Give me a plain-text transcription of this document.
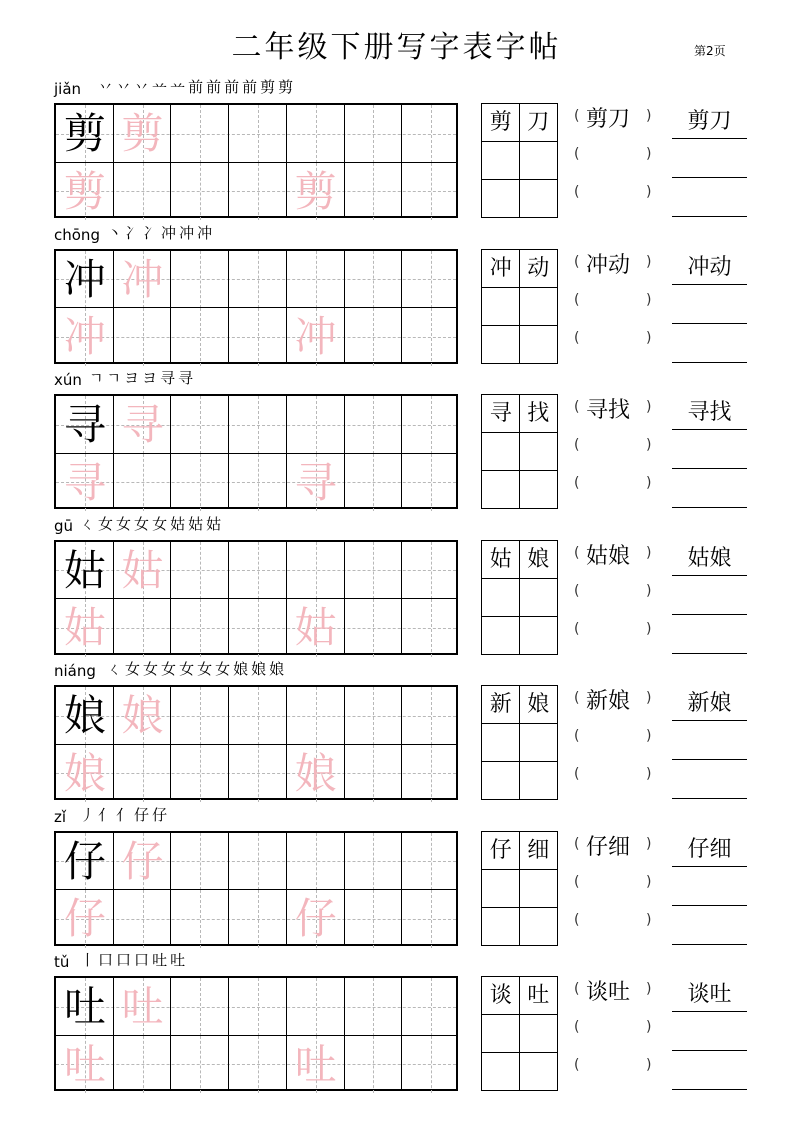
二年级下册写字表字帖	第2页
jiǎn 丷丷丷䒑䒑前前前前剪剪
剪 剪
剪	剪
剪 刀	(	)
(	)
(	)
剪刀	剪刀
chōng 丶冫冫冲冲冲
冲 冲
冲	冲
冲 动	(	)
(	)
(	)
冲动	冲动
xún ㄱㄱヨヨ寻寻
寻 寻
寻	寻
寻 找	(	)
(	)
(	)
寻找	寻找
gū ㄑ女女女女姑姑姑
姑 姑
姑	姑
姑 娘	(	)
(	)
(	)
姑娘	姑娘
niáng ㄑ女女女女女女娘娘娘
娘 娘
娘	娘
新 娘	(	)
(	)
(	)
新娘	新娘
zǐ 丿亻亻仔仔
仔 仔
仔	仔
仔 细	(	)
(	)
(	)
仔细	仔细
tǔ 丨口口口吐吐
吐 吐
吐	吐
谈 吐	(	)
(	)
(	)
谈吐	谈吐
